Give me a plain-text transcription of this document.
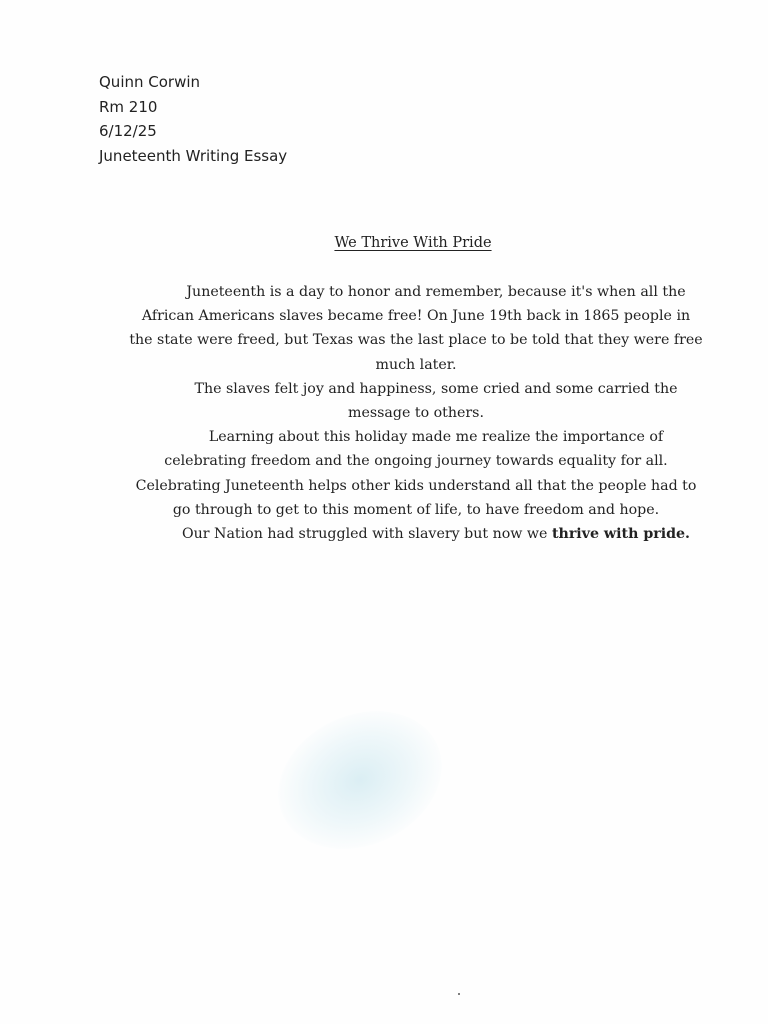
Quinn Corwin
Rm 210
6/12/25
Juneteenth Writing Essay
We Thrive With Pride

Juneteenth is a day to honor and remember, because it's when all the
African Americans slaves became free! On June 19th back in 1865 people in
the state were freed, but Texas was the last place to be told that they were free
much later.

The slaves felt joy and happiness, some cried and some carried the
message to others.

Learning about this holiday made me realize the importance of
celebrating freedom and the ongoing journey towards equality for all.
Celebrating Juneteenth helps other kids understand all that the people had to
go through to get to this moment of life, to have freedom and hope.

Our Nation had struggled with slavery but now we thrive with pride.
